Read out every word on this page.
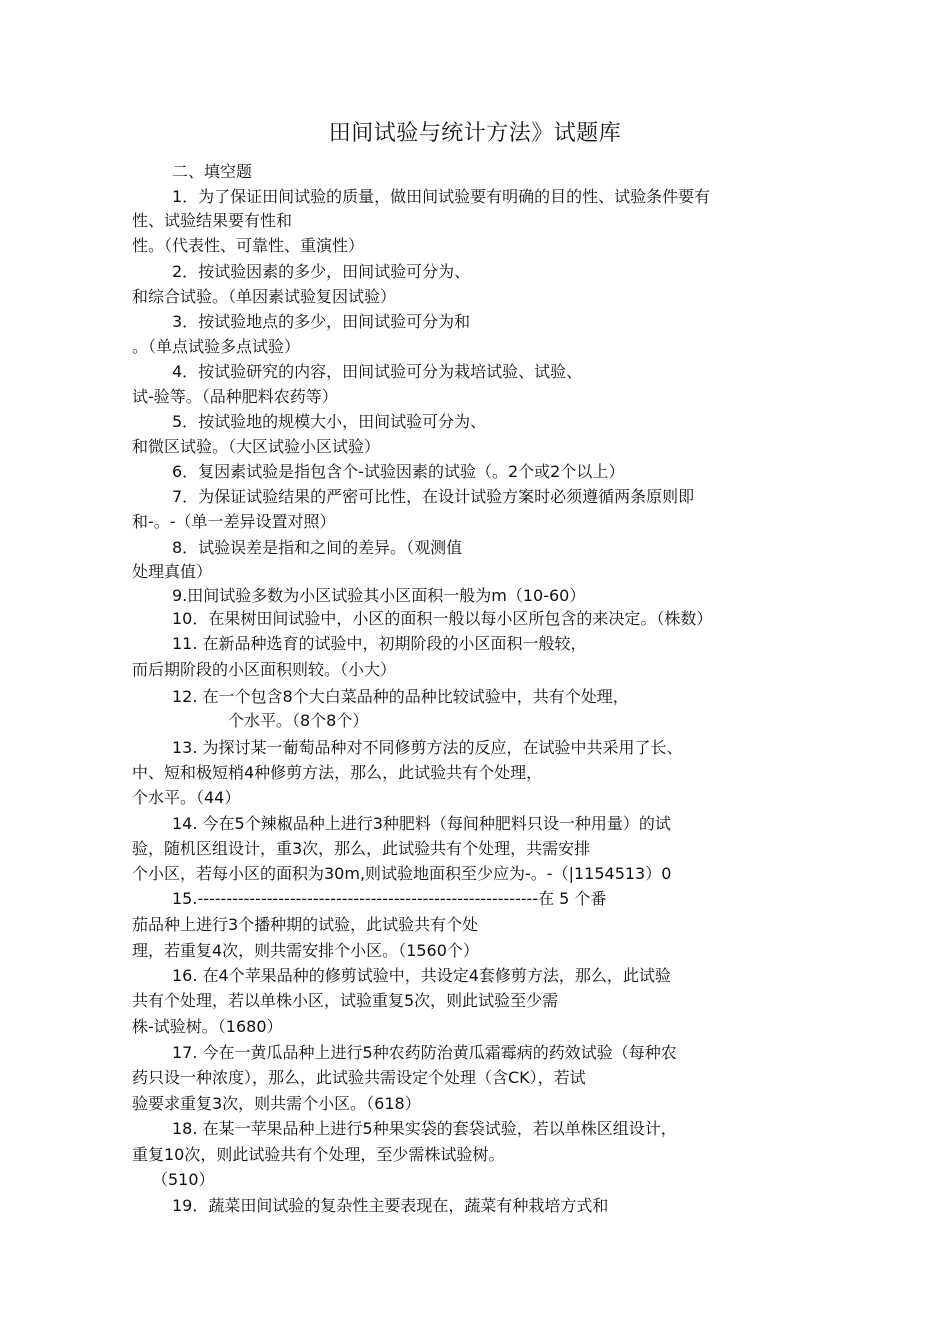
田间试验与统计方法》试题库
二、填空题
1．为了保证田间试验的质量，做田间试验要有明确的目的性、试验条件要有
性、试验结果要有性和
性。（代表性、可靠性、重演性）
2．按试验因素的多少，田间试验可分为、
和综合试验。（单因素试验复因试验）
3．按试验地点的多少，田间试验可分为和
。（单点试验多点试验）
4．按试验研究的内容，田间试验可分为栽培试验、试验、
试-验等。（品种肥料农药等）
5．按试验地的规模大小，田间试验可分为、
和微区试验。（大区试验小区试验）
6．复因素试验是指包含个-试验因素的试验（。2个或2个以上）
7．为保证试验结果的严密可比性，在设计试验方案时必须遵循两条原则即
和-。-（单一差异设置对照）
8．试验误差是指和之间的差异。（观测值
处理真值）
9.田间试验多数为小区试验其小区面积一般为m（10-60）
10．在果树田间试验中，小区的面积一般以每小区所包含的来决定。（株数）
11. 在新品种选育的试验中，初期阶段的小区面积一般较，
而后期阶段的小区面积则较。（小大）
12. 在一个包含8个大白菜品种的品种比较试验中，共有个处理，
个水平。（8个8个）
13. 为探讨某一葡萄品种对不同修剪方法的反应，在试验中共采用了长、
中、短和极短梢4种修剪方法，那么，此试验共有个处理，
个水平。（44）
14. 今在5个辣椒品种上进行3种肥料（每间种肥料只设一种用量）的试
验，随机区组设计，重3次，那么，此试验共有个处理，共需安排
个小区，若每小区的面积为30m,则试验地面积至少应为-。-（|1154513）0
15.-----------------------------------------------------------在 5 个番
茄品种上进行3个播种期的试验，此试验共有个处
理，若重复4次，则共需安排个小区。（1560个）
16. 在4个苹果品种的修剪试验中，共设定4套修剪方法，那么，此试验
共有个处理，若以单株小区，试验重复5次，则此试验至少需
株-试验树。（1680）
17. 今在一黄瓜品种上进行5种农药防治黄瓜霜霉病的药效试验（每种农
药只设一种浓度），那么，此试验共需设定个处理（含CK），若试
验要求重复3次，则共需个小区。（618）
18. 在某一苹果品种上进行5种果实袋的套袋试验，若以单株区组设计，
重复10次，则此试验共有个处理，至少需株试验树。
（510）
19．蔬菜田间试验的复杂性主要表现在，蔬菜有种栽培方式和
